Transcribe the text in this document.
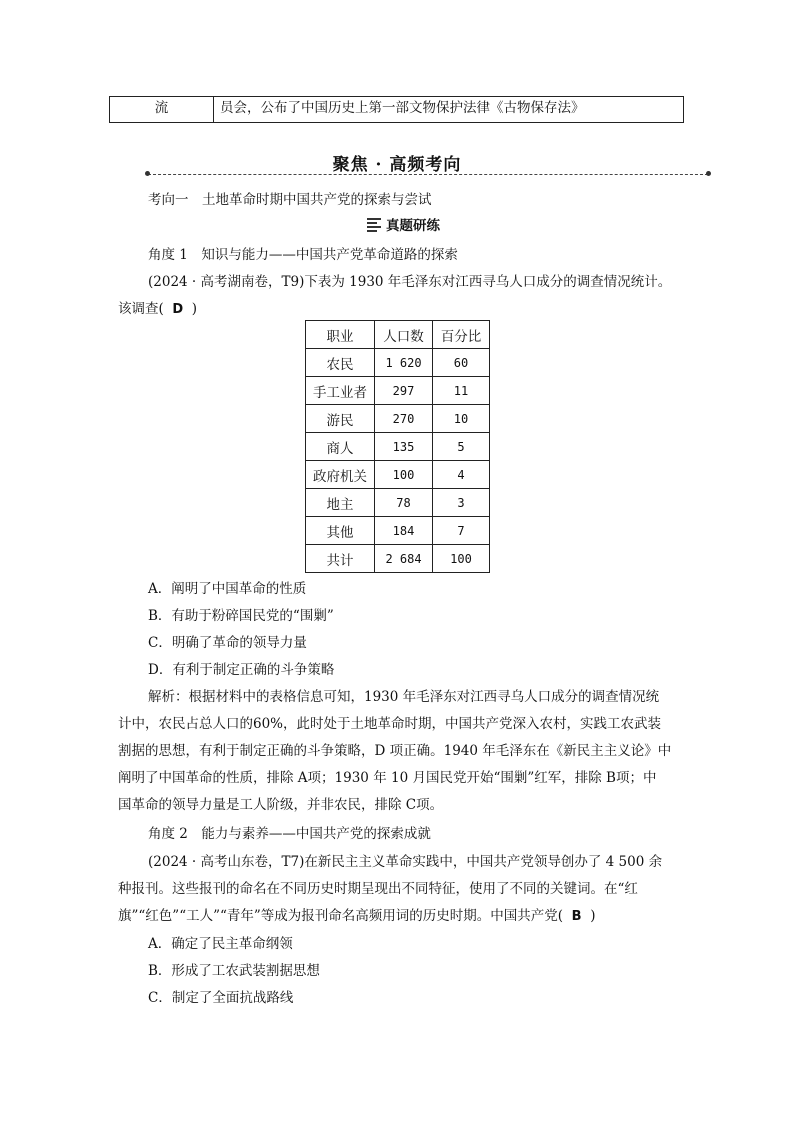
流	员会，公布了中国历史上第一部文物保护法律《古物保存法》
聚焦 · 高频考向
考向一　土地革命时期中国共产党的探索与尝试
真题研练
角度 1　知识与能力——中国共产党革命道路的探索
(2024 · 高考湖南卷，T9)下表为 1930 年毛泽东对江西寻乌人口成分的调查情况统计。
该调查( D )
职业	人口数	百分比
农民	1 620	60
手工业者	297	11
游民	270	10
商人	135	5
政府机关	100	4
地主	78	3
其他	184	7
共计	2 684	100
A．阐明了中国革命的性质
B．有助于粉碎国民党的“围剿”
C．明确了革命的领导力量
D．有利于制定正确的斗争策略
解析：根据材料中的表格信息可知，1930 年毛泽东对江西寻乌人口成分的调查情况统
计中，农民占总人口的60%，此时处于土地革命时期，中国共产党深入农村，实践工农武装
割据的思想，有利于制定正确的斗争策略，D 项正确。1940 年毛泽东在《新民主主义论》中
阐明了中国革命的性质，排除 A项；1930 年 10 月国民党开始“围剿”红军，排除 B项；中
国革命的领导力量是工人阶级，并非农民，排除 C项。
角度 2　能力与素养——中国共产党的探索成就
(2024 · 高考山东卷，T7)在新民主主义革命实践中，中国共产党领导创办了 4 500 余
种报刊。这些报刊的命名在不同历史时期呈现出不同特征，使用了不同的关键词。在“红
旗”“红色”“工人”“青年”等成为报刊命名高频用词的历史时期。中国共产党( B )
A．确定了民主革命纲领
B．形成了工农武装割据思想
C．制定了全面抗战路线
